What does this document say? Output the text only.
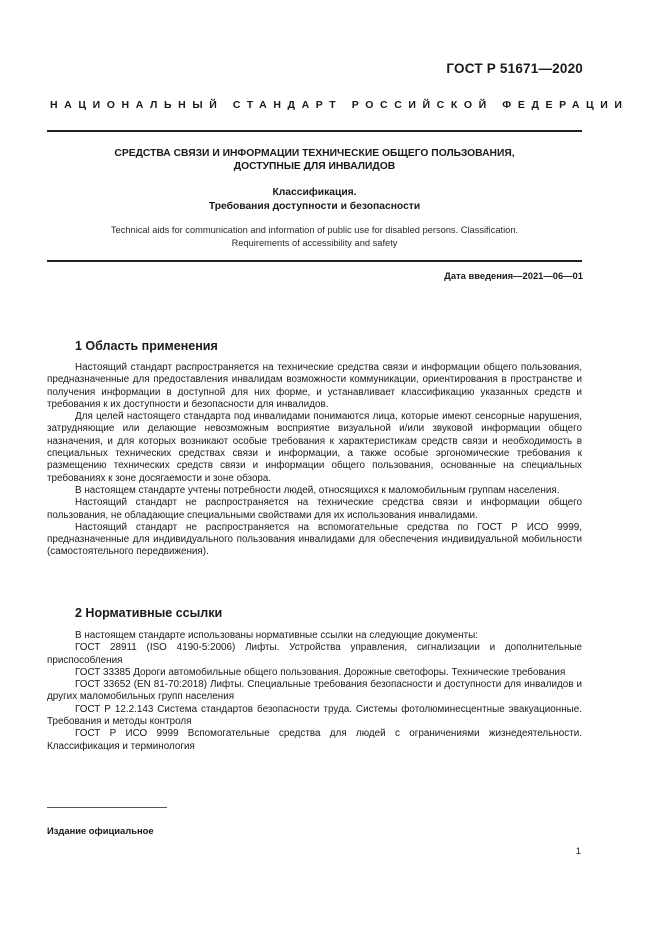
ГОСТ Р 51671—2020
НАЦИОНАЛЬНЫЙ СТАНДАРТ РОССИЙСКОЙ ФЕДЕРАЦИИ
СРЕДСТВА СВЯЗИ И ИНФОРМАЦИИ ТЕХНИЧЕСКИЕ ОБЩЕГО ПОЛЬЗОВАНИЯ,
ДОСТУПНЫЕ ДЛЯ ИНВАЛИДОВ
Классификация.
Требования доступности и безопасности
Technical aids for communication and information of public use for disabled persons. Classification.
Requirements of accessibility and safety
Дата введения—2021—06—01
1 Область применения

Настоящий стандарт распространяется на технические средства связи и информации общего пользования, предназначенные для предоставления инвалидам возможности коммуникации, ориентирования в пространстве и получения информации в доступной для них форме, и устанавливает классификацию указанных средств и требования к их доступности и безопасности для инвалидов.

Для целей настоящего стандарта под инвалидами понимаются лица, которые имеют сенсорные нарушения, затрудняющие или делающие невозможным восприятие визуальной и/или звуковой информации общего назначения, и для которых возникают особые требования к характеристикам средств связи и необходимость в специальных технических средствах связи и информации, а также особые эргономические требования к размещению технических средств связи и информации общего пользования, основанные на специальных требованиях к зоне досягаемости и зоне обзора.

В настоящем стандарте учтены потребности людей, относящихся к маломобильным группам населения.

Настоящий стандарт не распространяется на технические средства связи и информации общего пользования, не обладающие специальными свойствами для их использования инвалидами.

Настоящий стандарт не распространяется на вспомогательные средства по ГОСТ Р ИСО 9999, предназначенные для индивидуального пользования инвалидами для обеспечения индивидуальной мобильности (самостоятельного передвижения).

2 Нормативные ссылки

В настоящем стандарте использованы нормативные ссылки на следующие документы:

ГОСТ 28911 (ISO 4190-5:2006) Лифты. Устройства управления, сигнализации и дополнительные приспособления

ГОСТ 33385 Дороги автомобильные общего пользования. Дорожные светофоры. Технические требования

ГОСТ 33652 (EN 81-70:2018) Лифты. Специальные требования безопасности и доступности для инвалидов и других маломобильных групп населения

ГОСТ Р 12.2.143 Система стандартов безопасности труда. Системы фотолюминесцентные эвакуационные. Требования и методы контроля

ГОСТ Р ИСО 9999 Вспомогательные средства для людей с ограничениями жизнедеятельности. Классификация и терминология

Издание официальное
1
